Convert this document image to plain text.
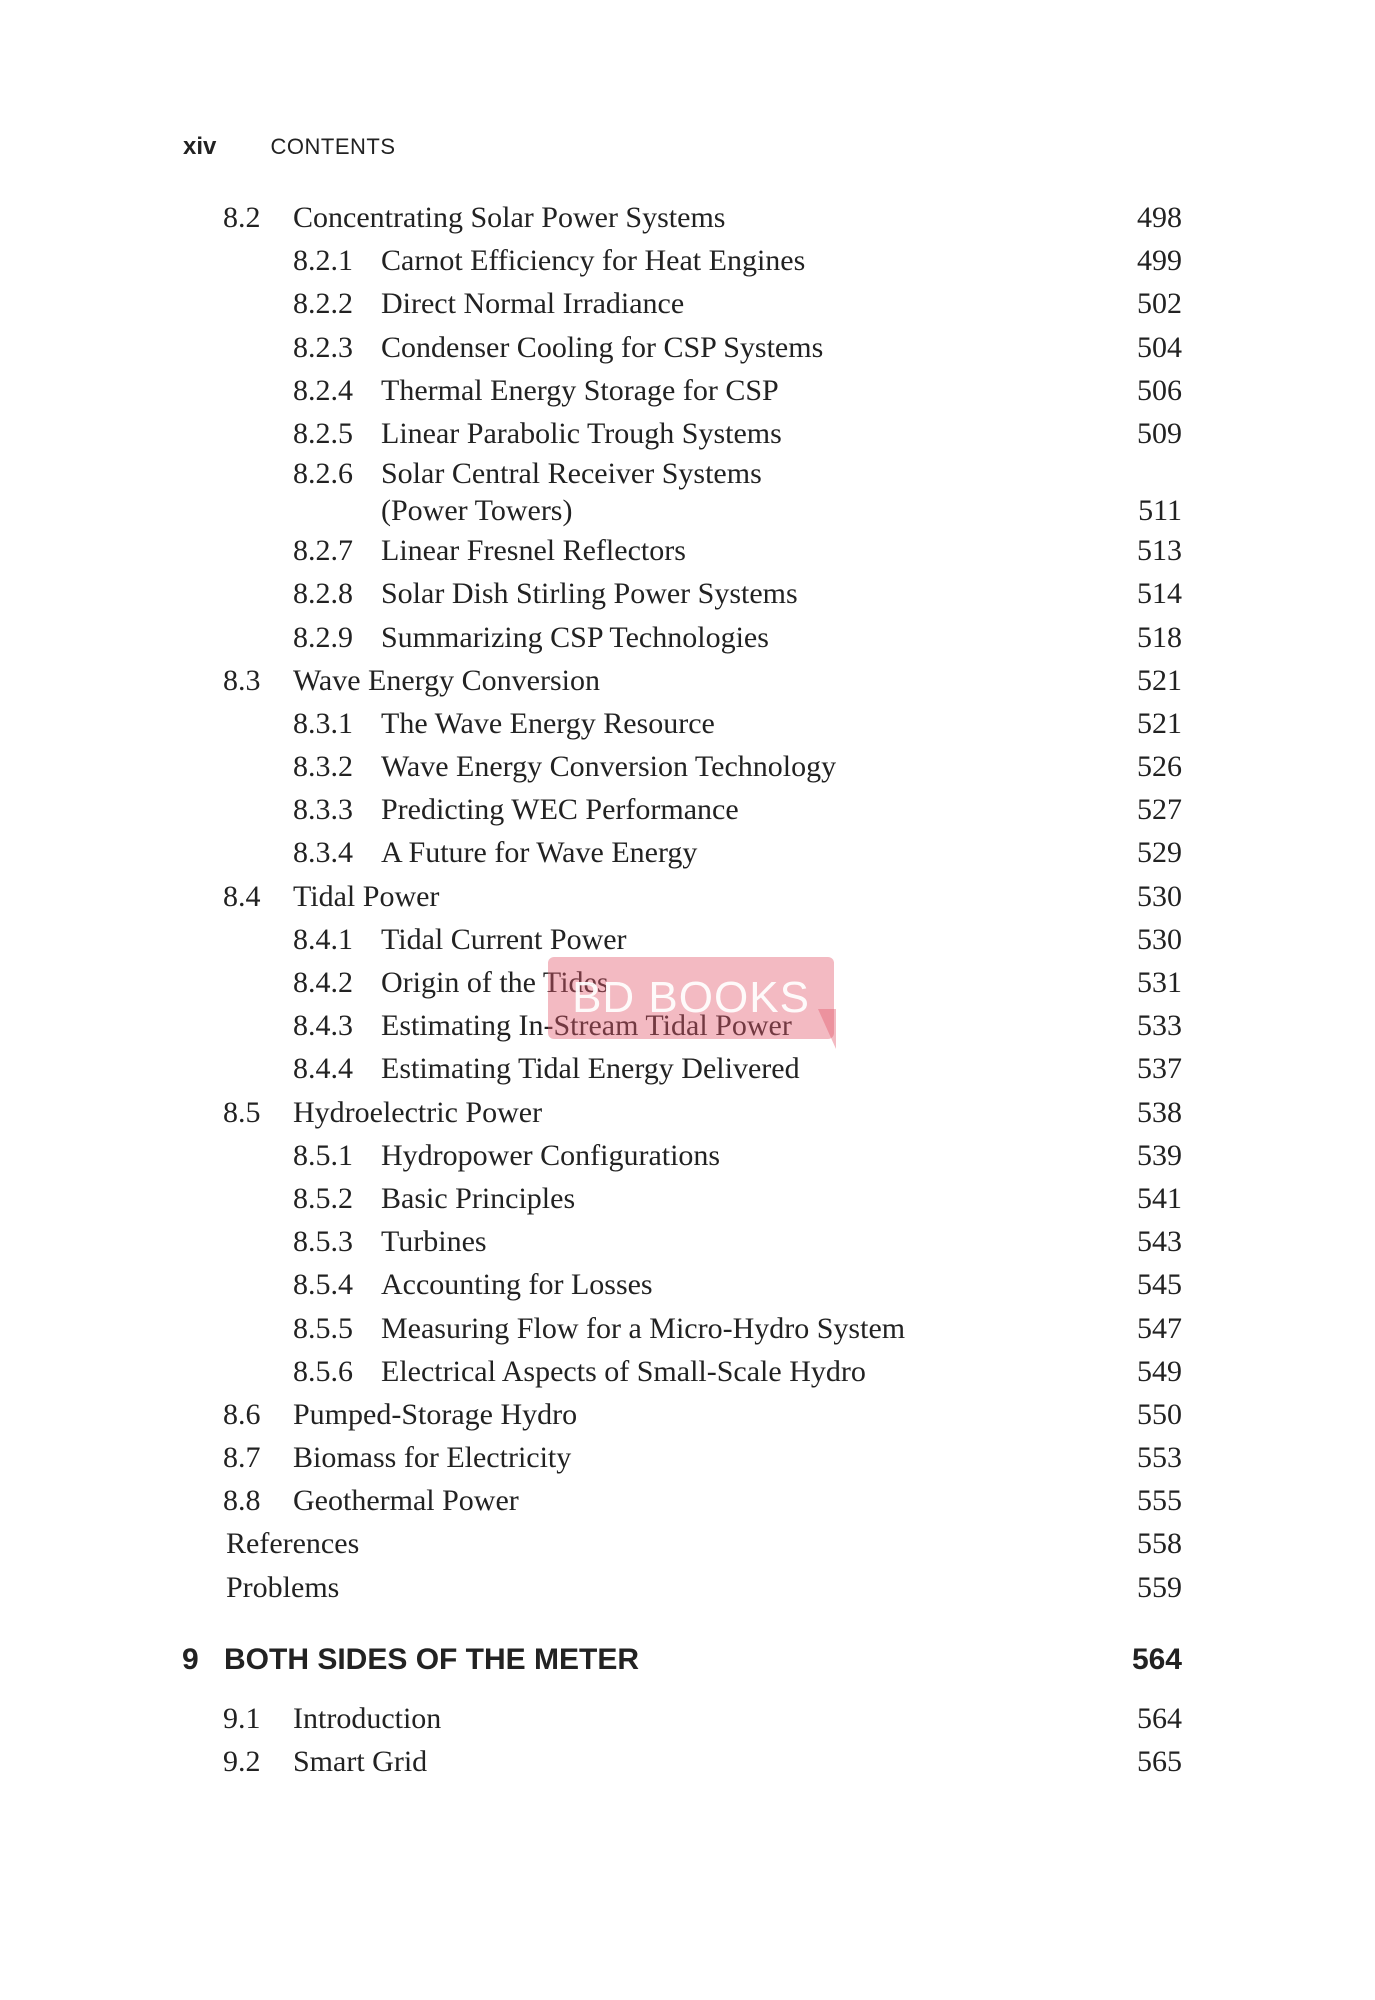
xiv CONTENTS
8.2 Concentrating Solar Power Systems	498
8.2.1 Carnot Efficiency for Heat Engines	499
8.2.2 Direct Normal Irradiance	502
8.2.3 Condenser Cooling for CSP Systems	504
8.2.4 Thermal Energy Storage for CSP	506
8.2.5 Linear Parabolic Trough Systems	509
8.2.6 Solar Central Receiver Systems
(Power Towers)	511
8.2.7 Linear Fresnel Reflectors	513
8.2.8 Solar Dish Stirling Power Systems	514
8.2.9 Summarizing CSP Technologies	518
8.3 Wave Energy Conversion	521
8.3.1 The Wave Energy Resource	521
8.3.2 Wave Energy Conversion Technology	526
8.3.3 Predicting WEC Performance	527
8.3.4 A Future for Wave Energy	529
8.4 Tidal Power	530
8.4.1 Tidal Current Power	530
8.4.2 Origin of the Tides	531
8.4.3 Estimating In-Stream Tidal Power	533
8.4.4 Estimating Tidal Energy Delivered	537
8.5 Hydroelectric Power	538
8.5.1 Hydropower Configurations	539
8.5.2 Basic Principles	541
8.5.3 Turbines	543
8.5.4 Accounting for Losses	545
8.5.5 Measuring Flow for a Micro-Hydro System	547
8.5.6 Electrical Aspects of Small-Scale Hydro	549
8.6 Pumped-Storage Hydro	550
8.7 Biomass for Electricity	553
8.8 Geothermal Power	555
References	558
Problems	559
9 BOTH SIDES OF THE METER	564
9.1 Introduction	564
9.2 Smart Grid	565
BD BOOKS
